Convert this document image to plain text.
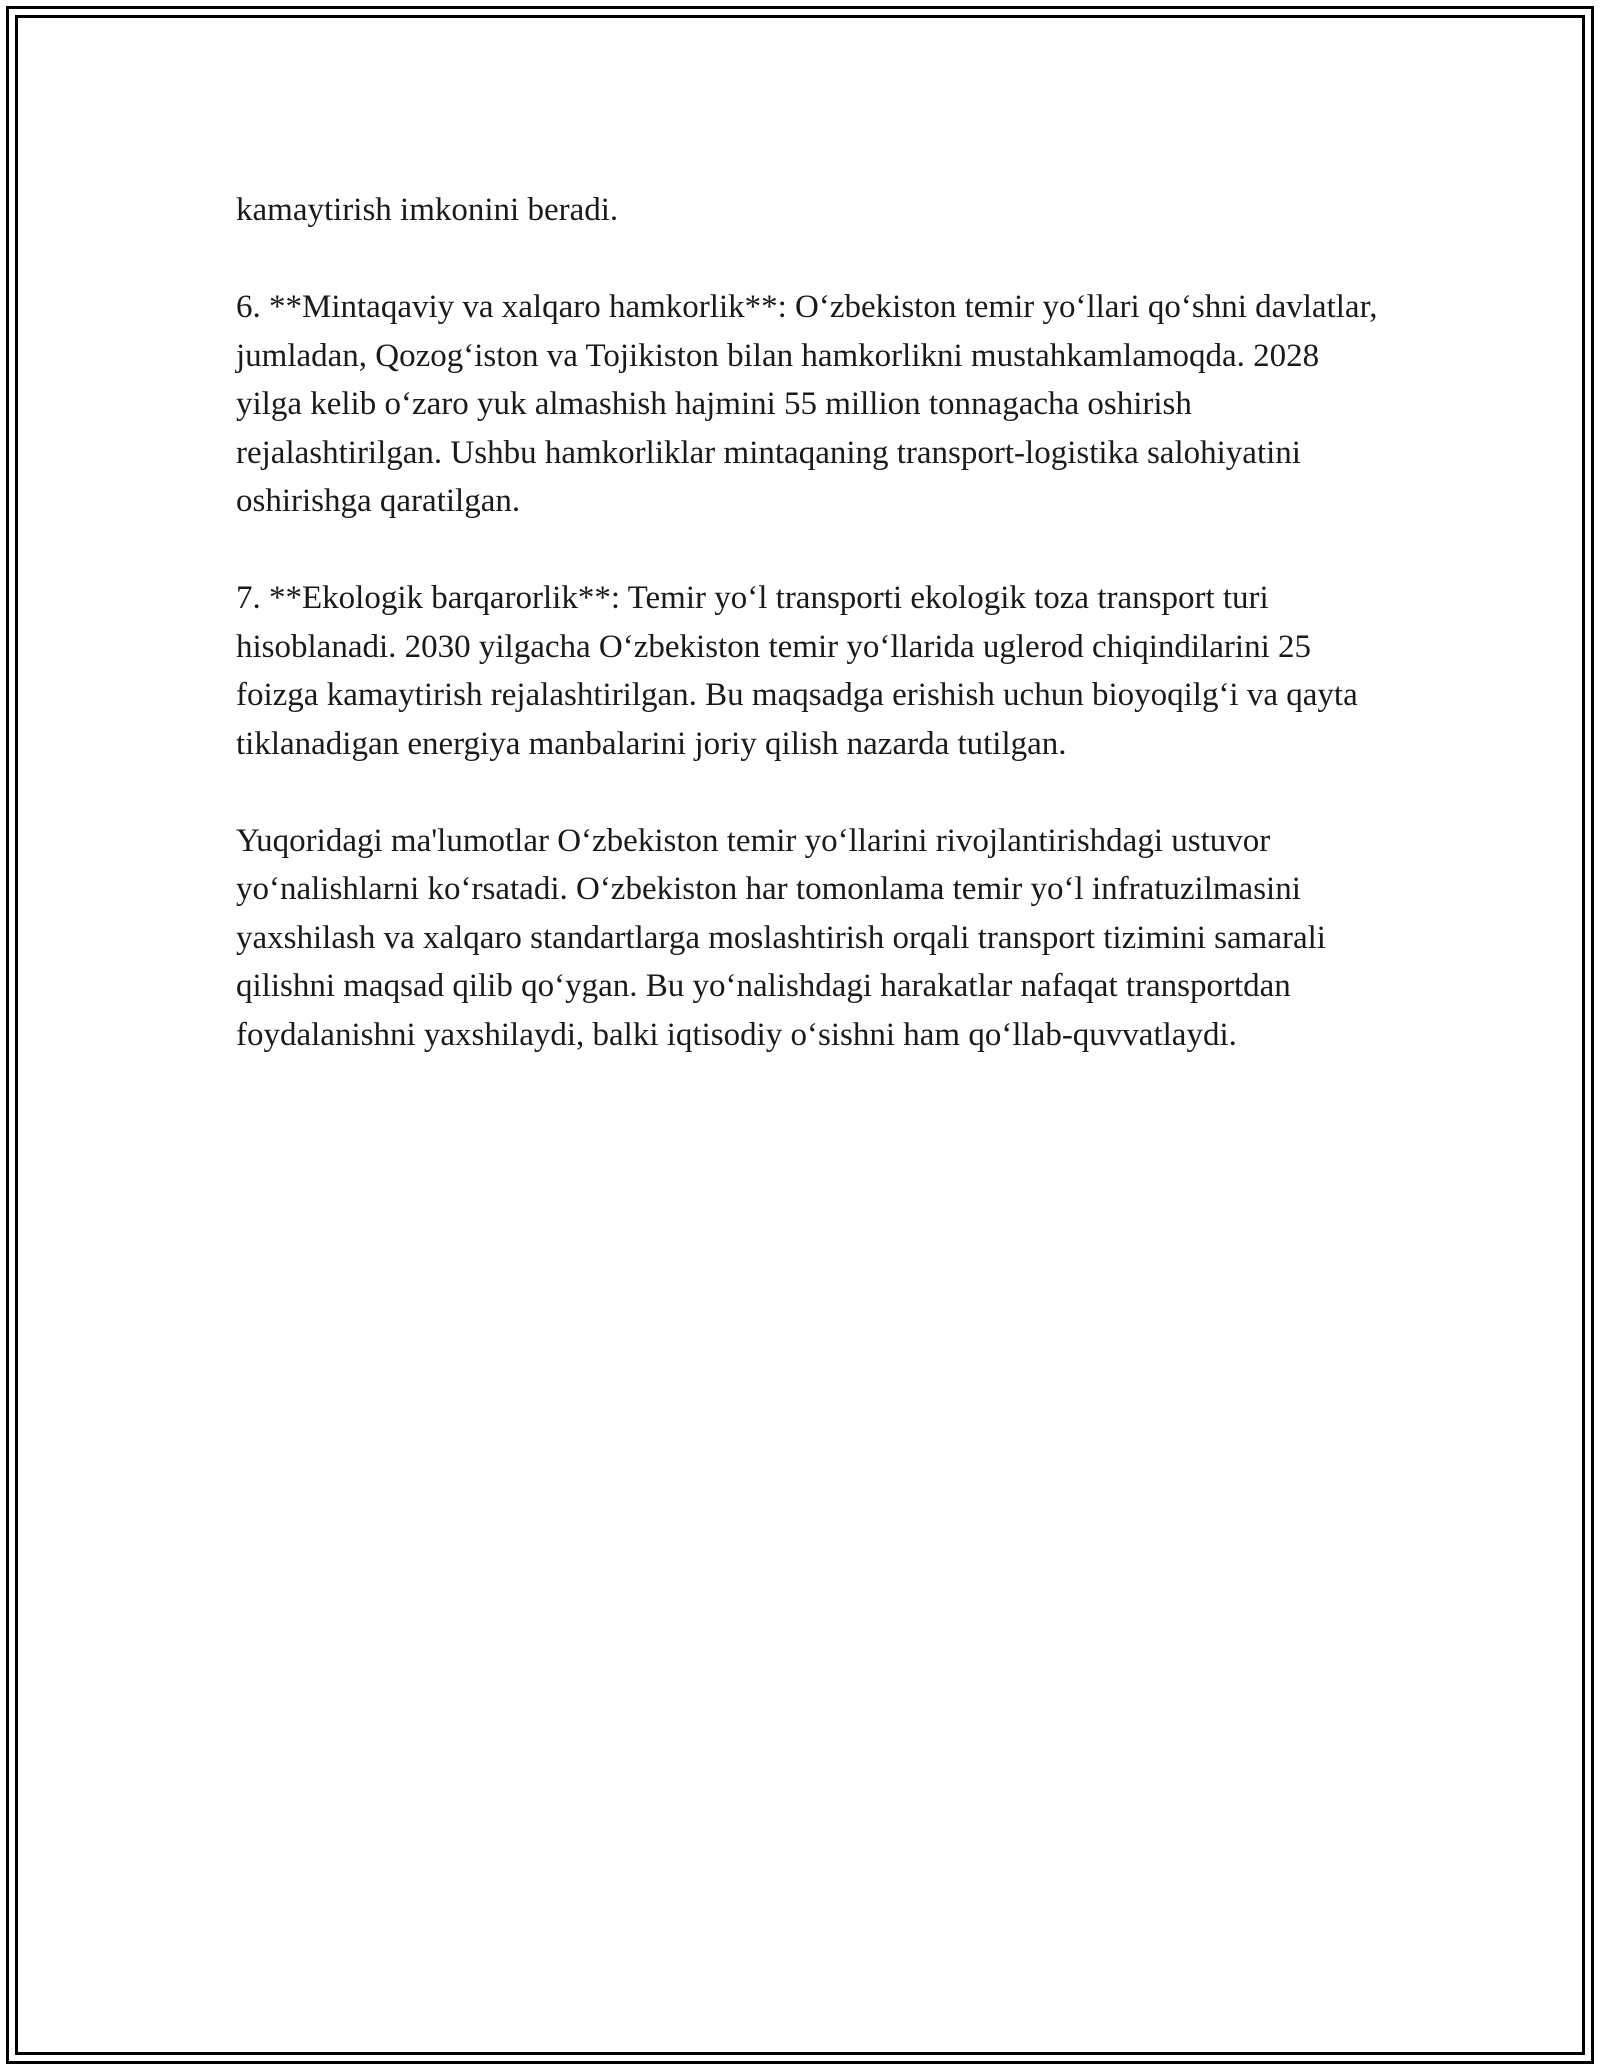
kamaytirish imkonini beradi.

6. **Mintaqaviy va xalqaro hamkorlik**: O‘zbekiston temir yo‘llari qo‘shni davlatlar, jumladan, Qozog‘iston va Tojikiston bilan hamkorlikni mustahkamlamoqda. 2028 yilga kelib o‘zaro yuk almashish hajmini 55 million tonnagacha oshirish rejalashtirilgan. Ushbu hamkorliklar mintaqaning transport-logistika salohiyatini oshirishga qaratilgan.

7. **Ekologik barqarorlik**: Temir yo‘l transporti ekologik toza transport turi hisoblanadi. 2030 yilgacha O‘zbekiston temir yo‘llarida uglerod chiqindilarini 25 foizga kamaytirish rejalashtirilgan. Bu maqsadga erishish uchun bioyoqilg‘i va qayta tiklanadigan energiya manbalarini joriy qilish nazarda tutilgan.

Yuqoridagi ma'lumotlar O‘zbekiston temir yo‘llarini rivojlantirishdagi ustuvor yo‘nalishlarni ko‘rsatadi. O‘zbekiston har tomonlama temir yo‘l infratuzilmasini yaxshilash va xalqaro standartlarga moslashtirish orqali transport tizimini samarali qilishni maqsad qilib qo‘ygan. Bu yo‘nalishdagi harakatlar nafaqat transportdan foydalanishni yaxshilaydi, balki iqtisodiy o‘sishni ham qo‘llab-quvvatlaydi.
